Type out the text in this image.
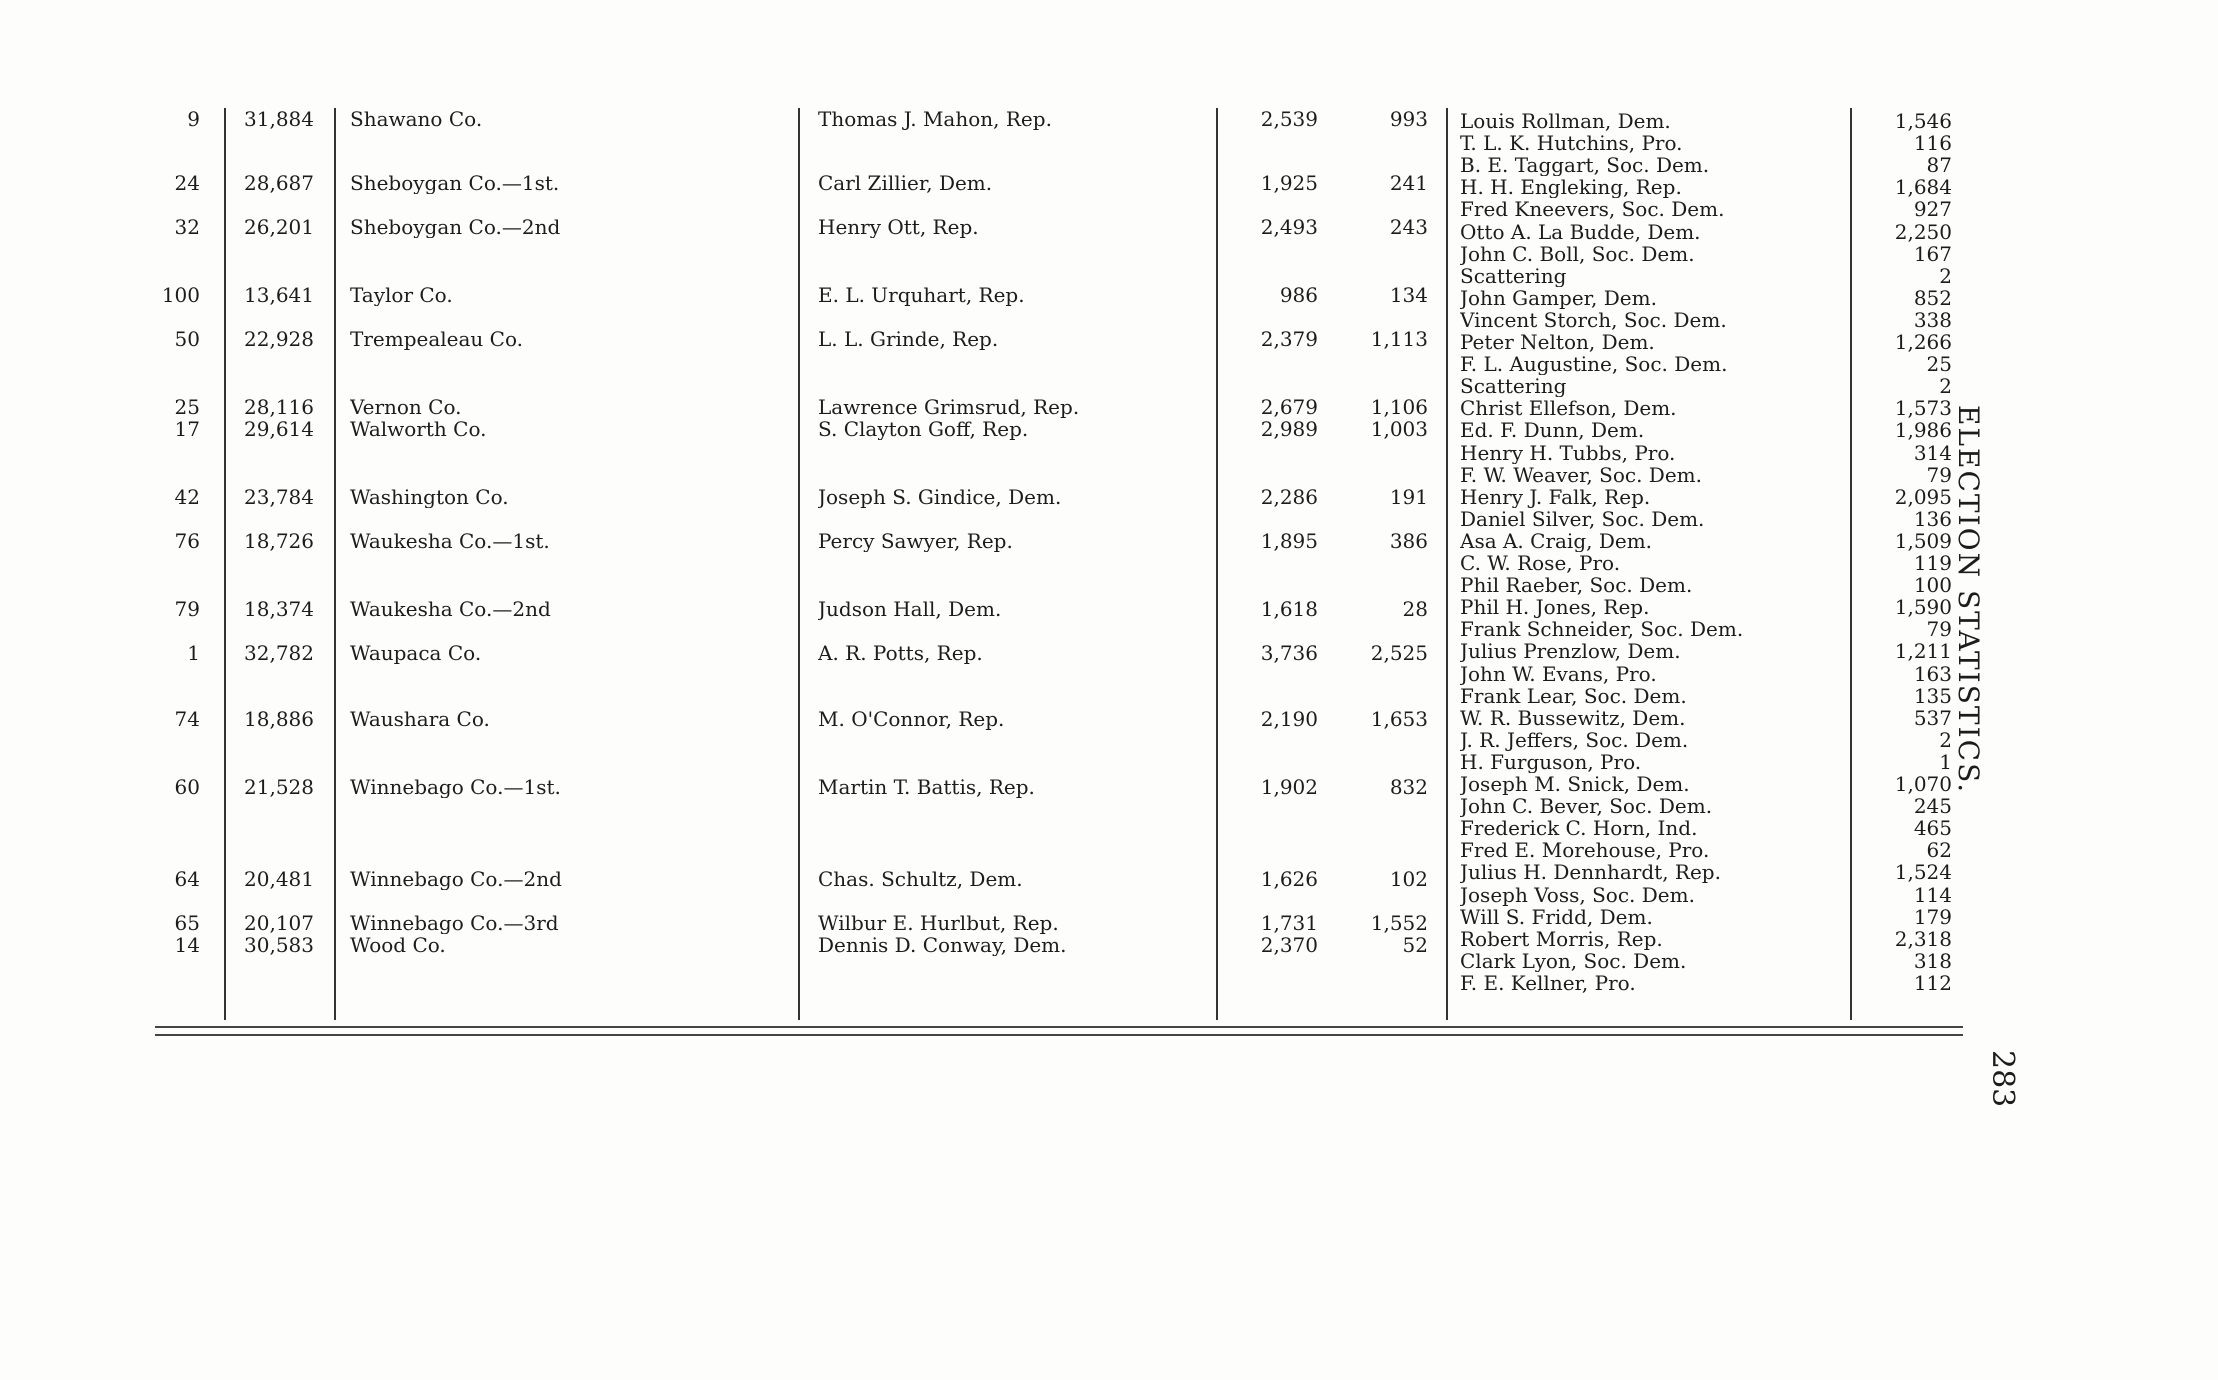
9	31,884 Shawano Co.	Thomas J. Mahon, Rep.	2,539	993
24	28,687 Sheboygan Co.—1st.	Carl Zillier, Dem.	1,925	241
32	26,201 Sheboygan Co.—2nd	Henry Ott, Rep.	2,493	243
100	13,641 Taylor Co.	E. L. Urquhart, Rep.	986	134
50	22,928 Trempealeau Co.	L. L. Grinde, Rep.	2,379	1,113
25	28,116 Vernon Co.	Lawrence Grimsrud, Rep.	2,679	1,106
17	29,614 Walworth Co.	S. Clayton Goff, Rep.	2,989	1,003
42	23,784 Washington Co.	Joseph S. Gindice, Dem.	2,286	191
76	18,726 Waukesha Co.—1st.	Percy Sawyer, Rep.	1,895	386
79	18,374 Waukesha Co.—2nd	Judson Hall, Dem.	1,618	28
1	32,782 Waupaca Co.	A. R. Potts, Rep.	3,736	2,525
74	18,886 Waushara Co.	M. O'Connor, Rep.	2,190	1,653
60	21,528 Winnebago Co.—1st.	Martin T. Battis, Rep.	1,902	832
64	20,481 Winnebago Co.—2nd	Chas. Schultz, Dem.	1,626	102
65	20,107 Winnebago Co.—3rd	Wilbur E. Hurlbut, Rep.	1,731	1,552
14	30,583 Wood Co.	Dennis D. Conway, Dem.	2,370	52
Louis Rollman, Dem.	1,546
T. L. K. Hutchins, Pro.	116
B. E. Taggart, Soc. Dem.	87
H. H. Engleking, Rep.	1,684
Fred Kneevers, Soc. Dem.	927
Otto A. La Budde, Dem.	2,250
John C. Boll, Soc. Dem.	167
Scattering	2
John Gamper, Dem.	852
Vincent Storch, Soc. Dem.	338
Peter Nelton, Dem.	1,266
F. L. Augustine, Soc. Dem.	25
Scattering	2
Christ Ellefson, Dem.	1,573
Ed. F. Dunn, Dem.	1,986
Henry H. Tubbs, Pro.	314
F. W. Weaver, Soc. Dem.	79
Henry J. Falk, Rep.	2,095
Daniel Silver, Soc. Dem.	136
Asa A. Craig, Dem.	1,509
C. W. Rose, Pro.	119
Phil Raeber, Soc. Dem.	100
Phil H. Jones, Rep.	1,590
Frank Schneider, Soc. Dem.	79
Julius Prenzlow, Dem.	1,211
John W. Evans, Pro.	163
Frank Lear, Soc. Dem.	135
W. R. Bussewitz, Dem.	537
J. R. Jeffers, Soc. Dem.	2
H. Furguson, Pro.	1
Joseph M. Snick, Dem.	1,070
John C. Bever, Soc. Dem.	245
Frederick C. Horn, Ind.	465
Fred E. Morehouse, Pro.	62
Julius H. Dennhardt, Rep.	1,524
Joseph Voss, Soc. Dem.	114
Will S. Fridd, Dem.	179
Robert Morris, Rep.	2,318
Clark Lyon, Soc. Dem.	318
F. E. Kellner, Pro.	112
ELECTION STATISTICS.
283
